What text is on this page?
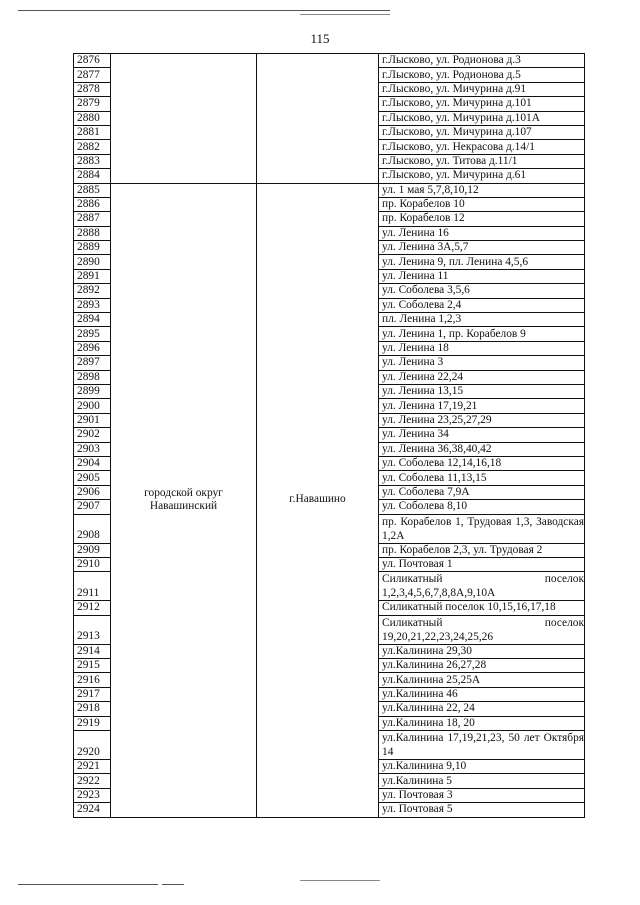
115
2876			г.Лысково, ул. Родионова д.3
2877			г.Лысково, ул. Родионова д.5
2878			г.Лысково, ул. Мичурина д.91
2879			г.Лысково, ул. Мичурина д.101
2880			г.Лысково, ул. Мичурина д.101А
2881			г.Лысково, ул. Мичурина д.107
2882			г.Лысково, ул. Некрасова д.14/1
2883			г.Лысково, ул. Титова д.11/1
2884			г.Лысково, ул. Мичурина д.61
2885	городской округ Навашинский	г.Навашино	ул. 1 мая 5,7,8,10,12
2886			пр. Корабелов 10
2887			пр. Корабелов 12
2888			ул. Ленина 16
2889			ул. Ленина 3А,5,7
2890			ул. Ленина 9, пл. Ленина 4,5,6
2891			ул. Ленина 11
2892			ул. Соболева 3,5,6
2893			ул. Соболева 2,4
2894			пл. Ленина 1,2,3
2895			ул. Ленина 1, пр. Корабелов 9
2896			ул. Ленина 18
2897			ул. Ленина 3
2898			ул. Ленина 22,24
2899			ул. Ленина 13,15
2900			ул. Ленина 17,19,21
2901			ул. Ленина 23,25,27,29
2902			ул. Ленина 34
2903			ул. Ленина 36,38,40,42
2904			ул. Соболева 12,14,16,18
2905			ул. Соболева 11,13,15
2906			ул. Соболева 7,9А
2907			ул. Соболева 8,10
2908			пр. Корабелов 1, Трудовая 1,3, Заводская 1,2А
2909			пр. Корабелов 2,3, ул. Трудовая 2
2910			ул. Почтовая 1
2911			Силикатный поселок 1,2,3,4,5,6,7,8,8А,9,10А
2912			Силикатный поселок 10,15,16,17,18
2913			Силикатный поселок 19,20,21,22,23,24,25,26
2914			ул.Калинина 29,30
2915			ул.Калинина 26,27,28
2916			ул.Калинина 25,25А
2917			ул.Калинина 46
2918			ул.Калинина 22, 24
2919			ул.Калинина 18, 20
2920			ул.Калинина 17,19,21,23, 50 лет Октября 14
2921			ул.Калинина 9,10
2922			ул.Калинина 5
2923			ул. Почтовая 3
2924			ул. Почтовая 5
